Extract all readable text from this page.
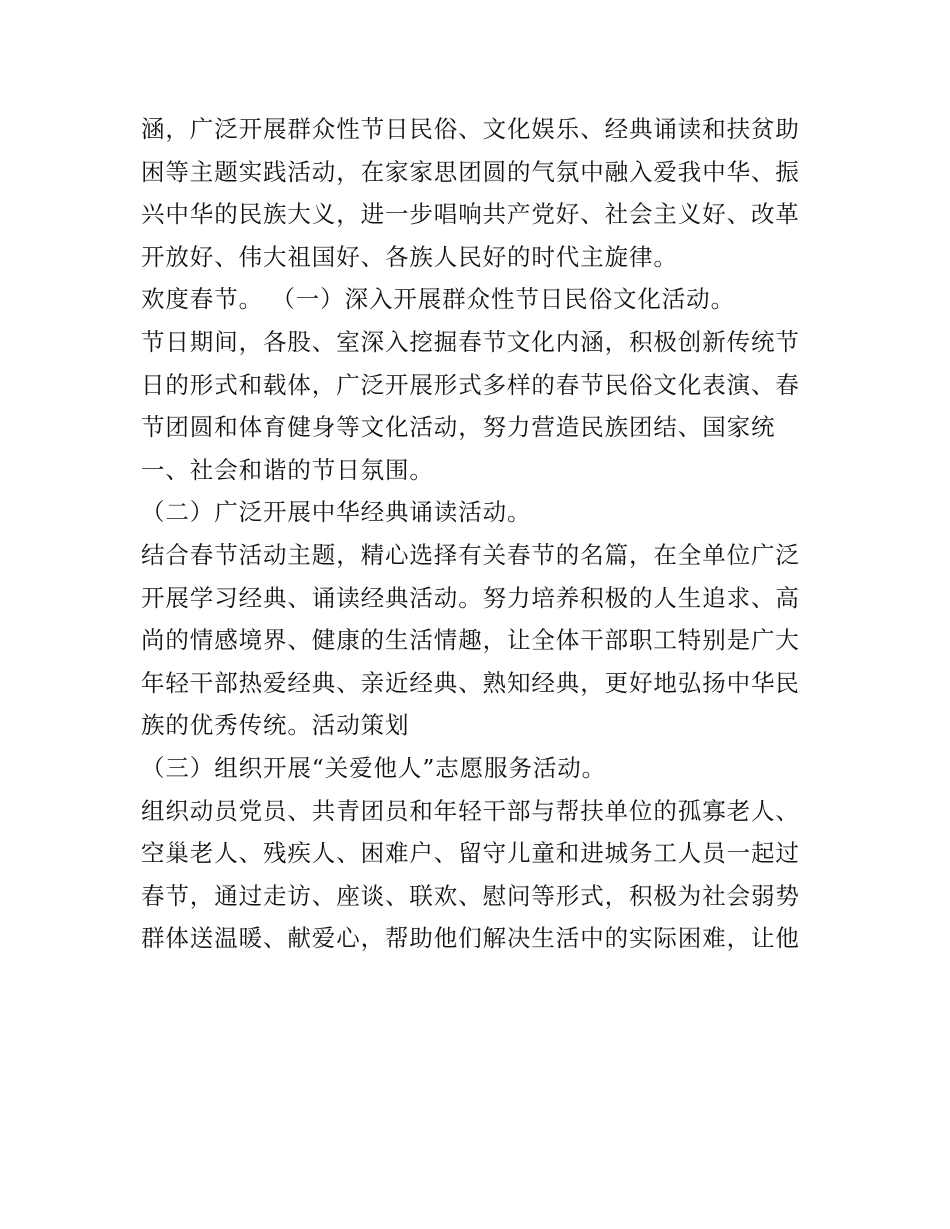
涵，广泛开展群众性节日民俗、文化娱乐、经典诵读和扶贫助
困等主题实践活动，在家家思团圆的气氛中融入爱我中华、振
兴中华的民族大义，进一步唱响共产党好、社会主义好、改革
开放好、伟大祖国好、各族人民好的时代主旋律。
欢度春节。 （一）深入开展群众性节日民俗文化活动。
节日期间，各股、室深入挖掘春节文化内涵，积极创新传统节
日的形式和载体，广泛开展形式多样的春节民俗文化表演、春
节团圆和体育健身等文化活动，努力营造民族团结、国家统
一、社会和谐的节日氛围。
（二）广泛开展中华经典诵读活动。
结合春节活动主题，精心选择有关春节的名篇，在全单位广泛
开展学习经典、诵读经典活动。努力培养积极的人生追求、高
尚的情感境界、健康的生活情趣，让全体干部职工特别是广大
年轻干部热爱经典、亲近经典、熟知经典，更好地弘扬中华民
族的优秀传统。活动策划
（三）组织开展“关爱他人”志愿服务活动。
组织动员党员、共青团员和年轻干部与帮扶单位的孤寡老人、
空巢老人、残疾人、困难户、留守儿童和进城务工人员一起过
春节，通过走访、座谈、联欢、慰问等形式，积极为社会弱势
群体送温暖、献爱心，帮助他们解决生活中的实际困难，让他
